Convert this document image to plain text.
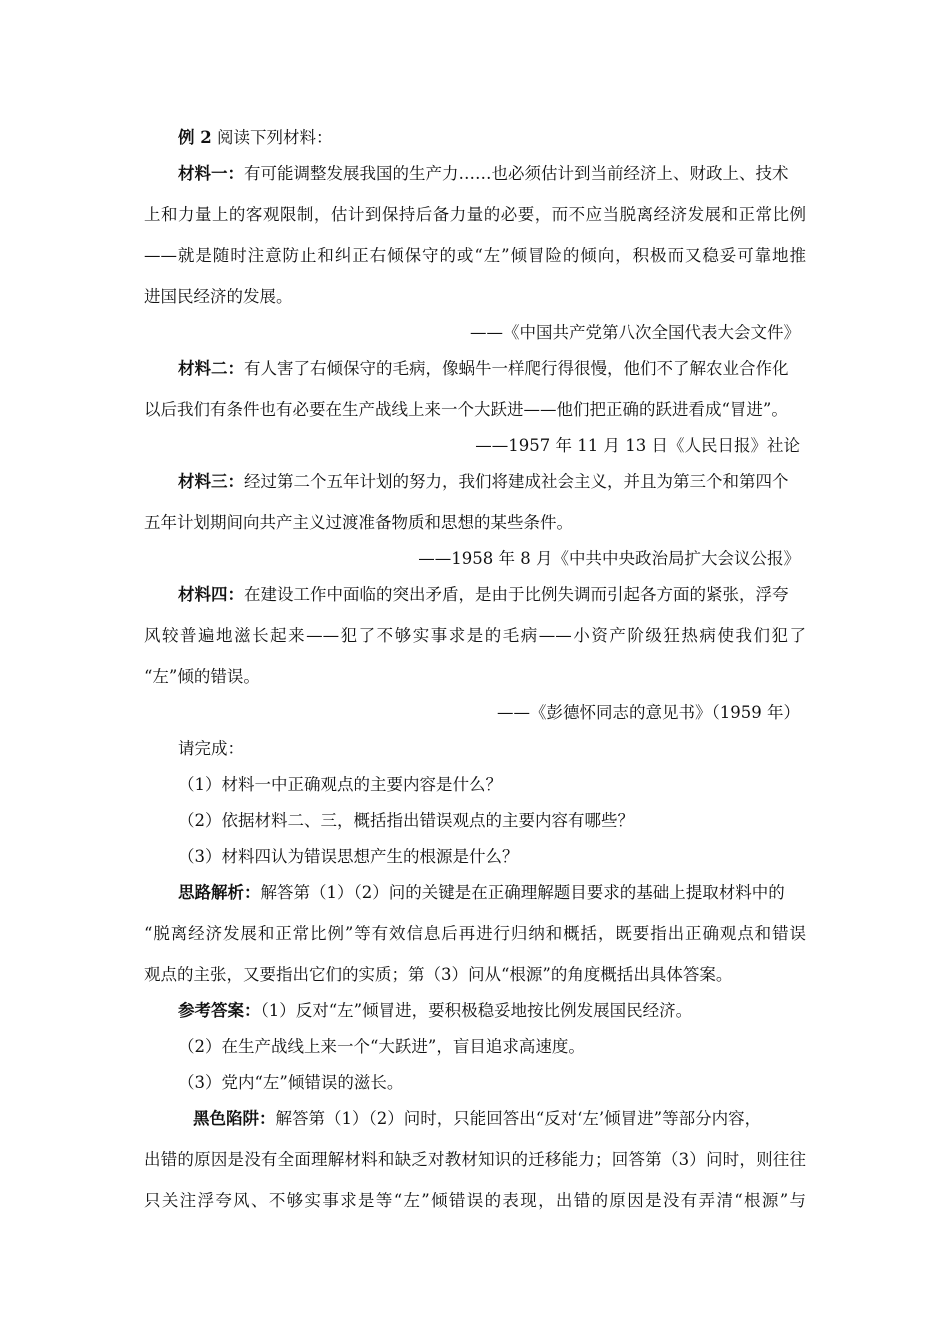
例 2 阅读下列材料：
材料一：有可能调整发展我国的生产力……也必须估计到当前经济上、财政上、技术
上和力量上的客观限制，估计到保持后备力量的必要，而不应当脱离经济发展和正常比例
——就是随时注意防止和纠正右倾保守的或“左”倾冒险的倾向，积极而又稳妥可靠地推
进国民经济的发展。
——《中国共产党第八次全国代表大会文件》
材料二：有人害了右倾保守的毛病，像蜗牛一样爬行得很慢，他们不了解农业合作化
以后我们有条件也有必要在生产战线上来一个大跃进——他们把正确的跃进看成“冒进”。
——1957 年 11 月 13 日《人民日报》社论
材料三：经过第二个五年计划的努力，我们将建成社会主义，并且为第三个和第四个
五年计划期间向共产主义过渡准备物质和思想的某些条件。
——1958 年 8 月《中共中央政治局扩大会议公报》
材料四：在建设工作中面临的突出矛盾，是由于比例失调而引起各方面的紧张，浮夸
风较普遍地滋长起来——犯了不够实事求是的毛病——小资产阶级狂热病使我们犯了
“左”倾的错误。
——《彭德怀同志的意见书》（1959 年）
请完成：
（1）材料一中正确观点的主要内容是什么？
（2）依据材料二、三，概括指出错误观点的主要内容有哪些？
（3）材料四认为错误思想产生的根源是什么？
思路解析：解答第（1）（2）问的关键是在正确理解题目要求的基础上提取材料中的
“脱离经济发展和正常比例”等有效信息后再进行归纳和概括，既要指出正确观点和错误
观点的主张，又要指出它们的实质；第（3）问从“根源”的角度概括出具体答案。
参考答案：（1）反对“左”倾冒进，要积极稳妥地按比例发展国民经济。
（2）在生产战线上来一个“大跃进”，盲目追求高速度。
（3）党内“左”倾错误的滋长。
黑色陷阱：解答第（1）（2）问时，只能回答出“反对‘左’倾冒进”等部分内容，
出错的原因是没有全面理解材料和缺乏对教材知识的迁移能力；回答第（3）问时，则往往
只关注浮夸风、不够实事求是等“左”倾错误的表现，出错的原因是没有弄清“根源”与
